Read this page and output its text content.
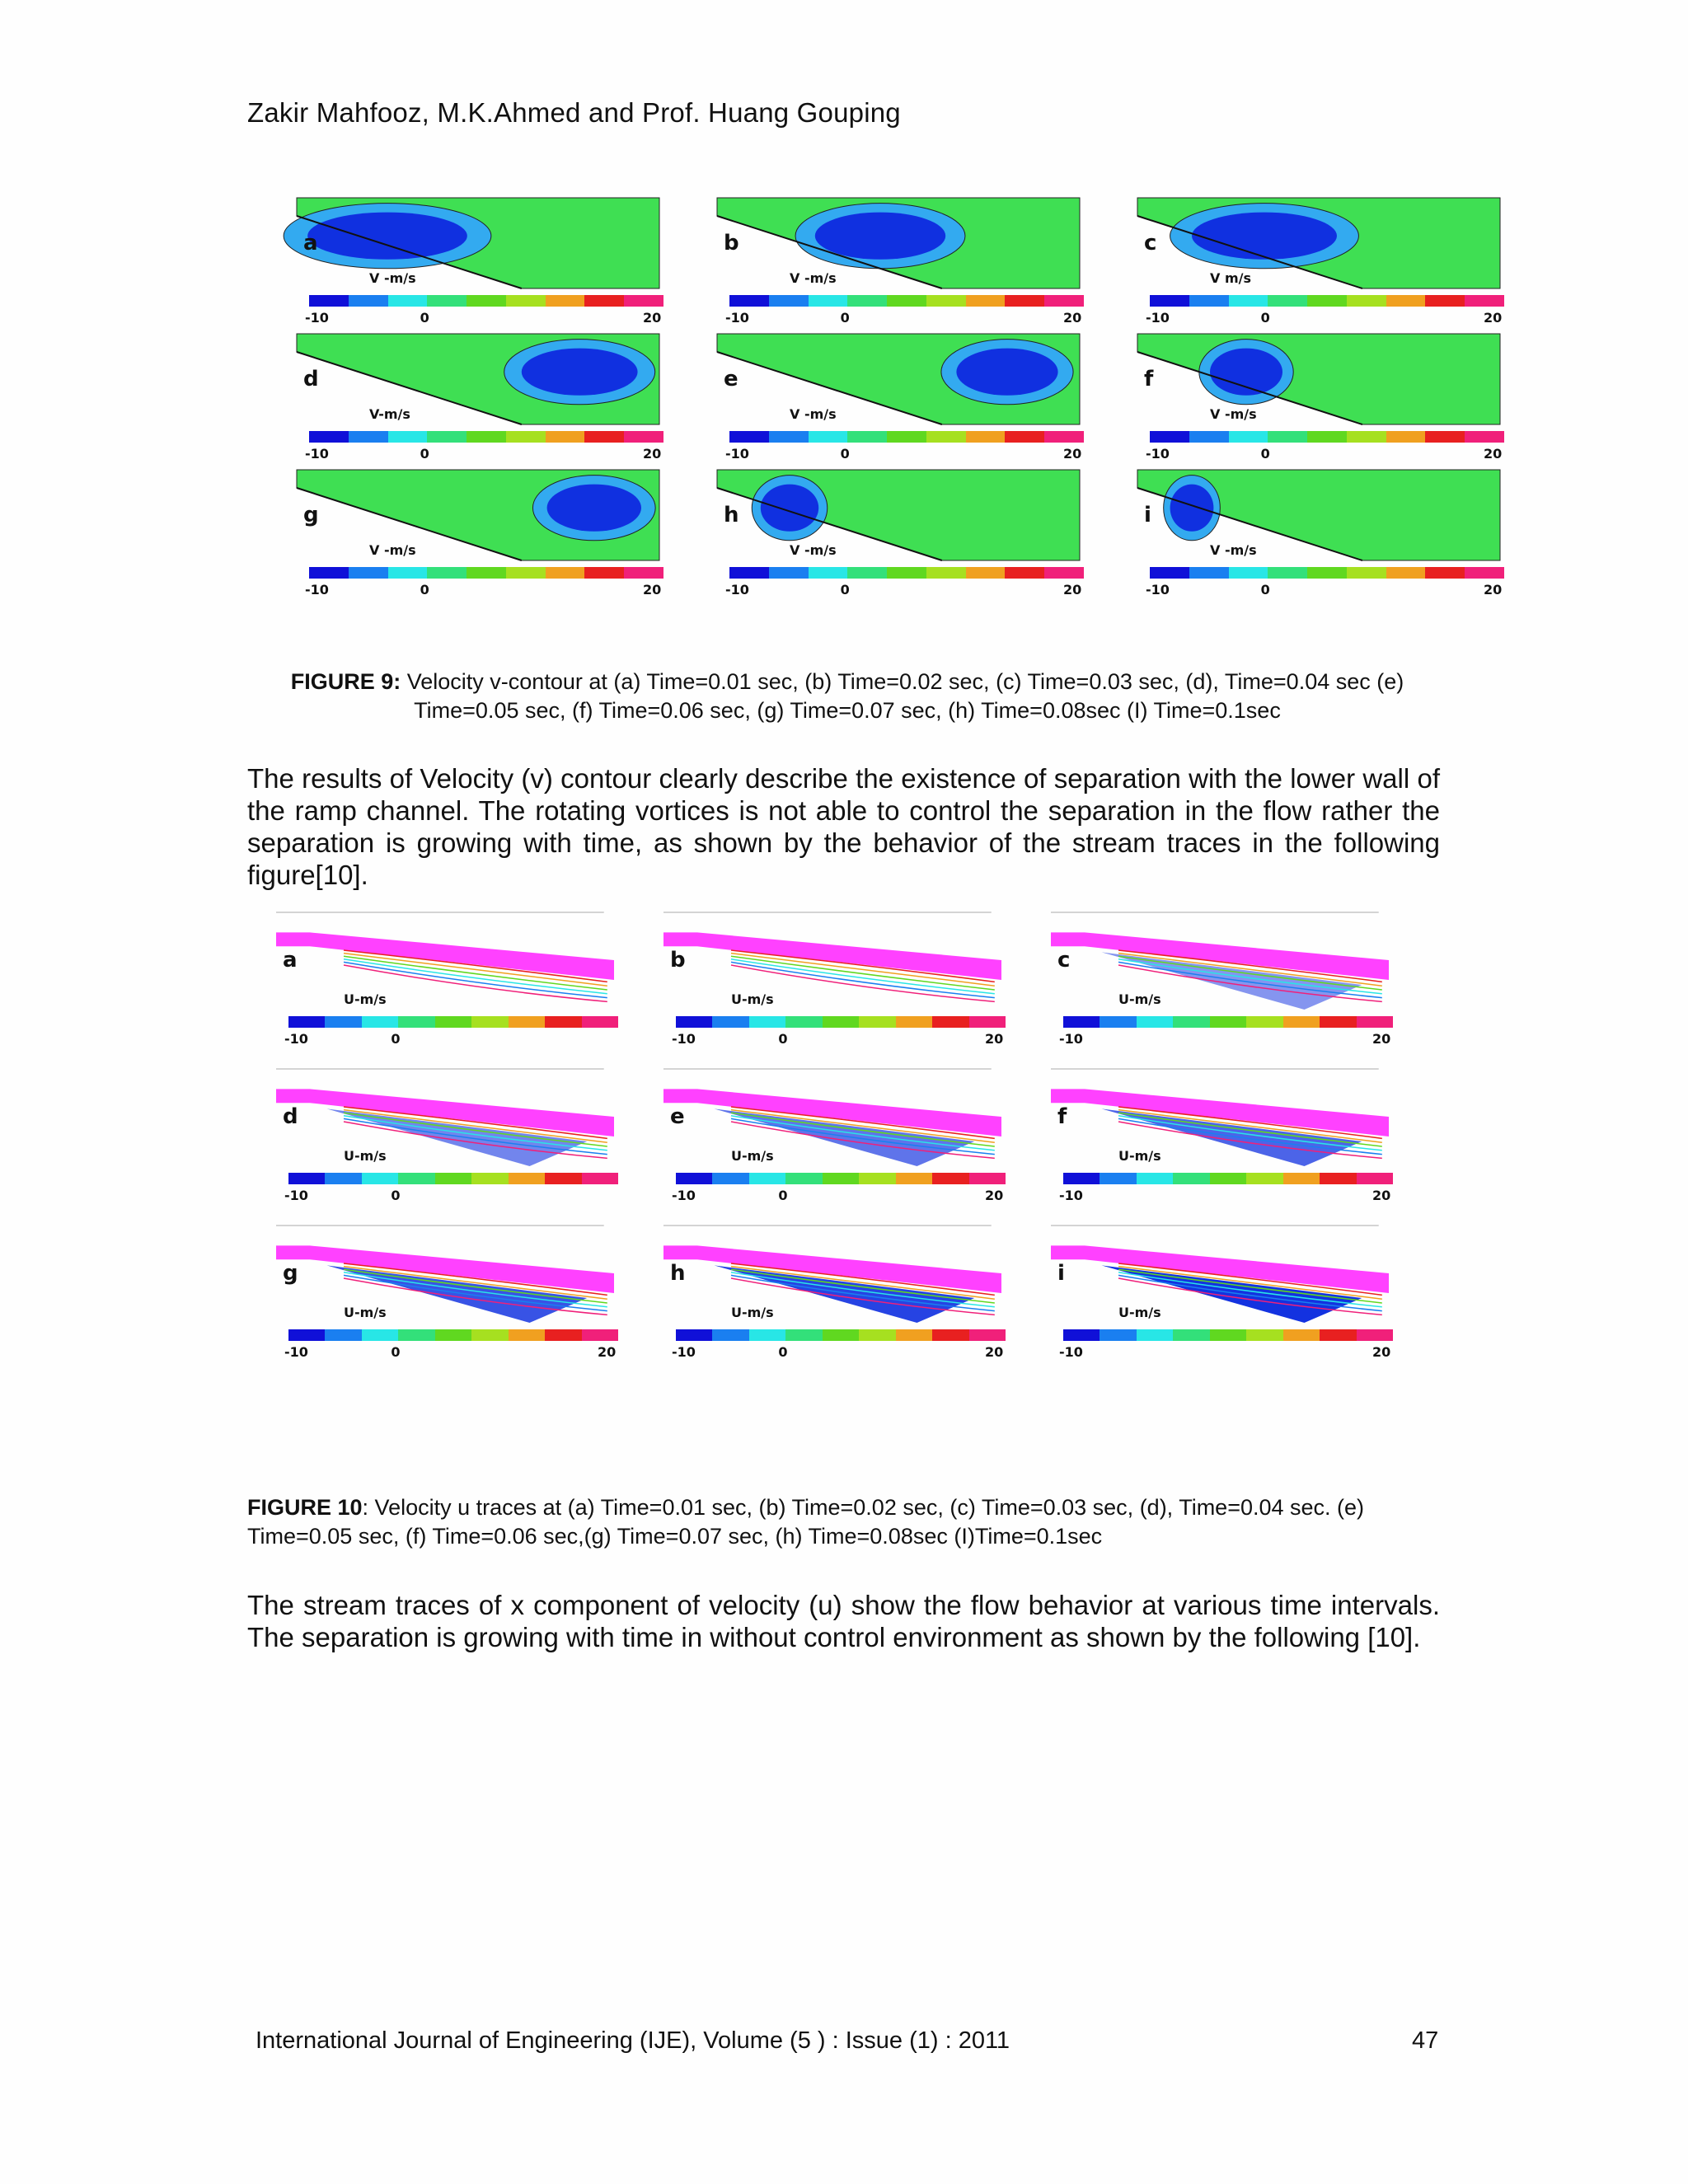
Zakir Mahfooz, M.K.Ahmed and Prof. Huang Gouping
a
V -m/s
-10	0	20
b
V -m/s
-10	0	20
c
V m/s
-10	0	20
d
V-m/s
-10	0	20
e
V -m/s
-10	0	20
f
V -m/s
-10	0	20
g
V -m/s
-10	0	20
h
V -m/s
-10	0	20
i
V -m/s
-10	0	20
FIGURE 9: Velocity v-contour at (a) Time=0.01 sec, (b) Time=0.02 sec, (c) Time=0.03 sec, (d), Time=0.04 sec (e) Time=0.05 sec, (f) Time=0.06 sec, (g) Time=0.07 sec, (h) Time=0.08sec (I) Time=0.1sec
The results of Velocity (v) contour clearly describe the existence of separation with the lower wall of the ramp channel. The rotating vortices is not able to control the separation in the flow rather the separation is growing with time, as shown by the behavior of the stream traces in the following figure[10].
a
U-m/s
-10	0
b
U-m/s
-10	0	20
c
U-m/s
-10	20
d
U-m/s
-10	0
e
U-m/s
-10	0	20
f
U-m/s
-10	20
g
U-m/s
-10	0	20
h
U-m/s
-10	0	20
i
U-m/s
-10	20
FIGURE 10: Velocity u traces at (a) Time=0.01 sec, (b) Time=0.02 sec, (c) Time=0.03 sec, (d), Time=0.04 sec. (e) Time=0.05 sec, (f) Time=0.06 sec,(g) Time=0.07 sec, (h) Time=0.08sec (I)Time=0.1sec
The stream traces of x component of velocity (u) show the flow behavior at various time intervals. The separation is growing with time in without control environment as shown by the following [10].
International Journal of Engineering (IJE), Volume (5 ) : Issue (1) : 2011	47
